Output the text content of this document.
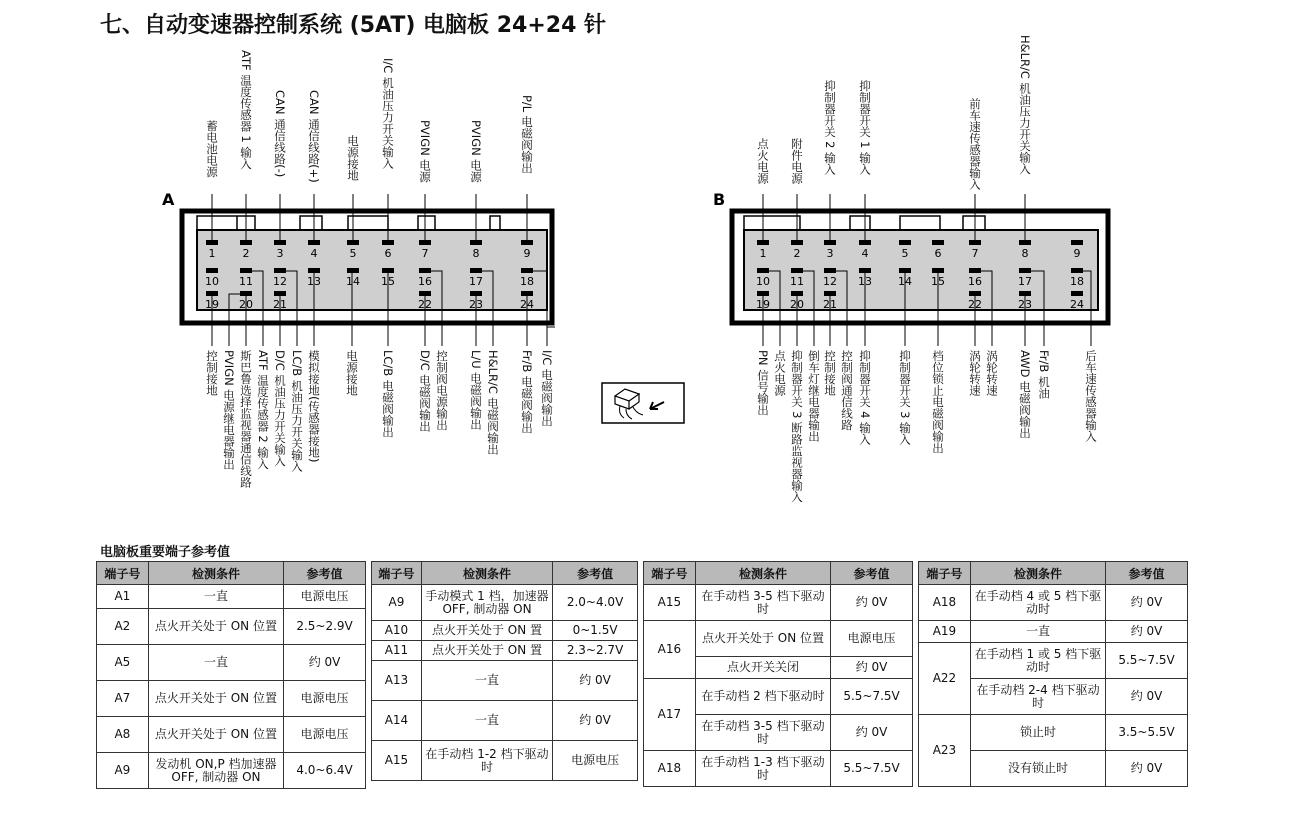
七、自动变速器控制系统 (5AT) 电脑板 24+24 针
A
1 2 3 4	5	6	7	8	9
10 11 12 13 14 15 16	17	18
19 20 21	22	23	24
B
1 2 3	4	5 6	7	8	9
10 11 12 13 14 15 16	17	18
19 20 21	22	23	24
蓄电池电源 ATF 温度传感器 1 输入 CAN 通信线路(-) CAN 通信线路(+) 电源接地 I/C 机油压力开关输入 PVIGN 电源	PVIGN 电源	P/L 电磁阀输出
控制接地 PVIGN 电源继电器输出 斯巴鲁选择监视器通信线路 ATF 温度传感器 2 输入 D/C 机油压力开关输入 LC/B 机油压力开关输入 模拟接地(传感器接地) 电源接地 LC/B 电磁阀输出 D/C 电磁阀输出 控制阀电源输出 L/U 电磁阀输出 H&LR/C 电磁阀输出 Fr/B 电磁阀输出 I/C 电磁阀输出
点火电源 附件电源 抑制器开关 2 输入 抑制器开关 1 输入	前车速传感器输入	H&LR/C 机油压力开关输入
PN 信号输出 点火电源 抑制器开关 3 断路监视器输入 倒车灯继电器输出 控制接地 控制阀通信线路 抑制器开关 4 输入 抑制器开关 3 输入 档位锁止电磁阀输出 涡轮转速 涡轮转速 AWD 电磁阀输出 Fr/B 机油	后车速传感器输入
电脑板重要端子参考值
端子号	检测条件	参考值
A1	一直	电源电压
A2	点火开关处于 ON 位置	2.5~2.9V
A5	一直	约 0V
A7	点火开关处于 ON 位置	电源电压
A8	点火开关处于 ON 位置	电源电压
A9	发动机 ON,P 档加速器 OFF, 制动器 ON	4.0~6.4V
端子号	检测条件	参考值
A9	手动模式 1 档，加速器 OFF, 制动器 ON	2.0~4.0V
A10	点火开关处于 ON 置	0~1.5V
A11	点火开关处于 ON 置	2.3~2.7V
A13	一直	约 0V
A14	一直	约 0V
A15	在手动档 1-2 档下驱动时	电源电压
端子号	检测条件	参考值
A15	在手动档 3-5 档下驱动时	约 0V
A16	点火开关处于 ON 位置	电源电压
	点火开关关闭	约 0V
A17	在手动档 2 档下驱动时	5.5~7.5V
	在手动档 3-5 档下驱动时	约 0V
A18	在手动档 1-3 档下驱动时	5.5~7.5V
端子号	检测条件	参考值
A18	在手动档 4 或 5 档下驱动时	约 0V
A19	一直	约 0V
A22	在手动档 1 或 5 档下驱动时	5.5~7.5V
	在手动档 2-4 档下驱动时	约 0V
A23	锁止时	3.5~5.5V
	没有锁止时	约 0V
